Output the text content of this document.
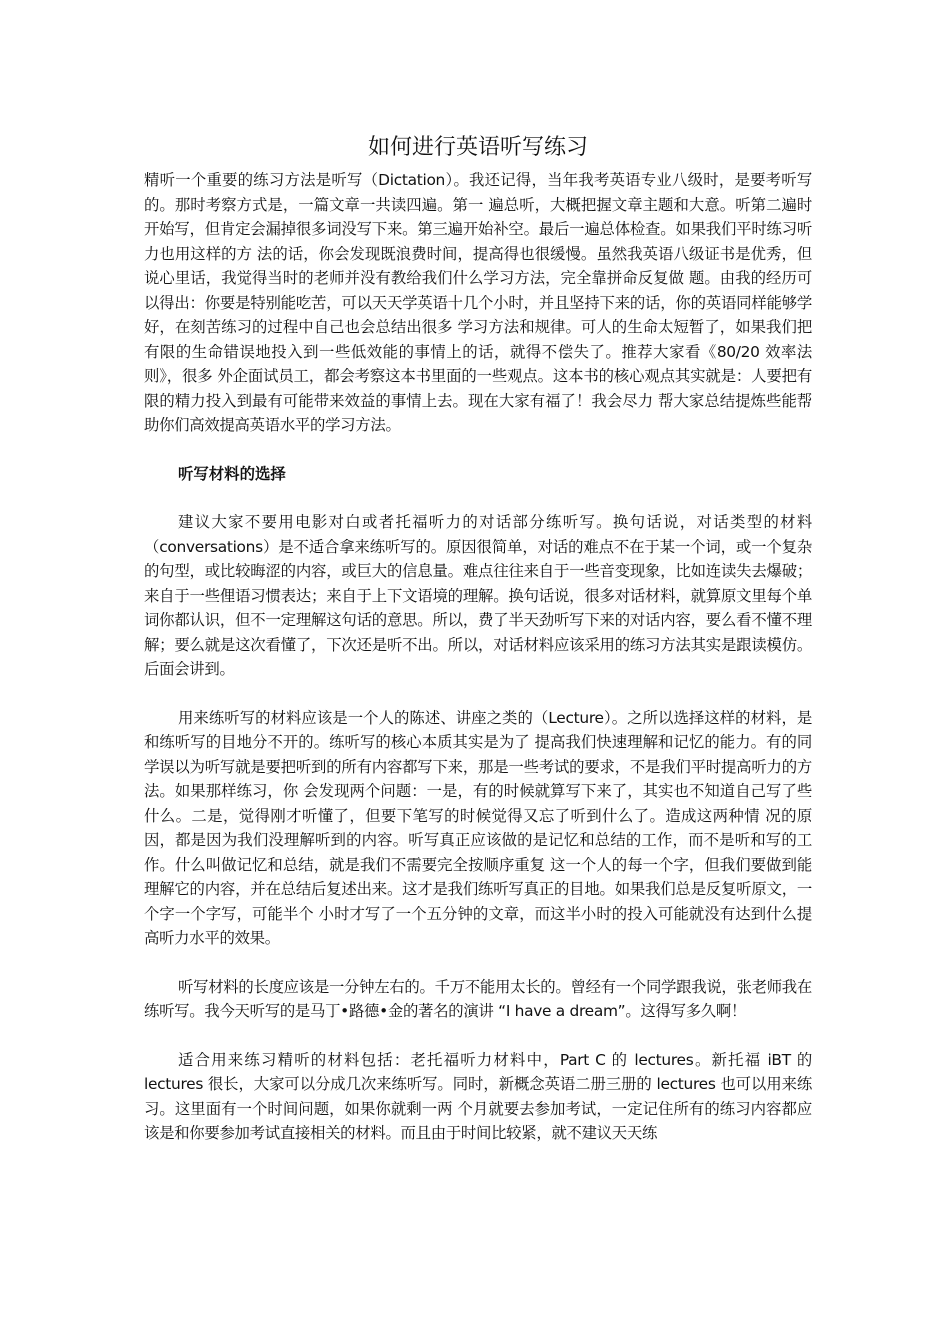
如何进行英语听写练习

精听一个重要的练习方法是听写（Dictation）。我还记得，当年我考英语专业八级时，是要考听写的。那时考察方式是，一篇文章一共读四遍。第一 遍总听，大概把握文章主题和大意。听第二遍时开始写，但肯定会漏掉很多词没写下来。第三遍开始补空。最后一遍总体检查。如果我们平时练习听力也用这样的方 法的话，你会发现既浪费时间，提高得也很缓慢。虽然我英语八级证书是优秀，但说心里话，我觉得当时的老师并没有教给我们什么学习方法，完全靠拼命反复做 题。由我的经历可以得出：你要是特别能吃苦，可以天天学英语十几个小时，并且坚持下来的话，你的英语同样能够学好，在刻苦练习的过程中自己也会总结出很多 学习方法和规律。可人的生命太短暂了，如果我们把有限的生命错误地投入到一些低效能的事情上的话，就得不偿失了。推荐大家看《80/20 效率法则》，很多 外企面试员工，都会考察这本书里面的一些观点。这本书的核心观点其实就是：人要把有限的精力投入到最有可能带来效益的事情上去。现在大家有福了！我会尽力 帮大家总结提炼些能帮助你们高效提高英语水平的学习方法。

听写材料的选择

建议大家不要用电影对白或者托福听力的对话部分练听写。换句话说，对话类型的材料（conversations）是不适合拿来练听写的。原因很简单，对话的难点不在于某一个词，或一个复杂的句型，或比较晦涩的内容，或巨大的信息量。难点往往来自于一些音变现象，比如连读失去爆破；来自于一些俚语习惯表达；来自于上下文语境的理解。换句话说，很多对话材料，就算原文里每个单词你都认识，但不一定理解这句话的意思。所以，费了半天劲听写下来的对话内容，要么看不懂不理解；要么就是这次看懂了，下次还是听不出。所以，对话材料应该采用的练习方法其实是跟读模仿。后面会讲到。

用来练听写的材料应该是一个人的陈述、讲座之类的（Lecture）。之所以选择这样的材料，是和练听写的目地分不开的。练听写的核心本质其实是为了 提高我们快速理解和记忆的能力。有的同学误以为听写就是要把听到的所有内容都写下来，那是一些考试的要求，不是我们平时提高听力的方法。如果那样练习，你 会发现两个问题：一是，有的时候就算写下来了，其实也不知道自己写了些什么。二是，觉得刚才听懂了，但要下笔写的时候觉得又忘了听到什么了。造成这两种情 况的原因，都是因为我们没理解听到的内容。听写真正应该做的是记忆和总结的工作，而不是听和写的工作。什么叫做记忆和总结，就是我们不需要完全按顺序重复 这一个人的每一个字，但我们要做到能理解它的内容，并在总结后复述出来。这才是我们练听写真正的目地。如果我们总是反复听原文，一个字一个字写，可能半个 小时才写了一个五分钟的文章，而这半小时的投入可能就没有达到什么提高听力水平的效果。

听写材料的长度应该是一分钟左右的。千万不能用太长的。曾经有一个同学跟我说，张老师我在练听写。我今天听写的是马丁•路德•金的著名的演讲 “I have a dream”。这得写多久啊！

适合用来练习精听的材料包括：老托福听力材料中，Part C 的 lectures。新托福 iBT 的 lectures 很长，大家可以分成几次来练听写。同时，新概念英语二册三册的 lectures 也可以用来练习。这里面有一个时间问题，如果你就剩一两 个月就要去参加考试，一定记住所有的练习内容都应该是和你要参加考试直接相关的材料。而且由于时间比较紧，就不建议天天练
